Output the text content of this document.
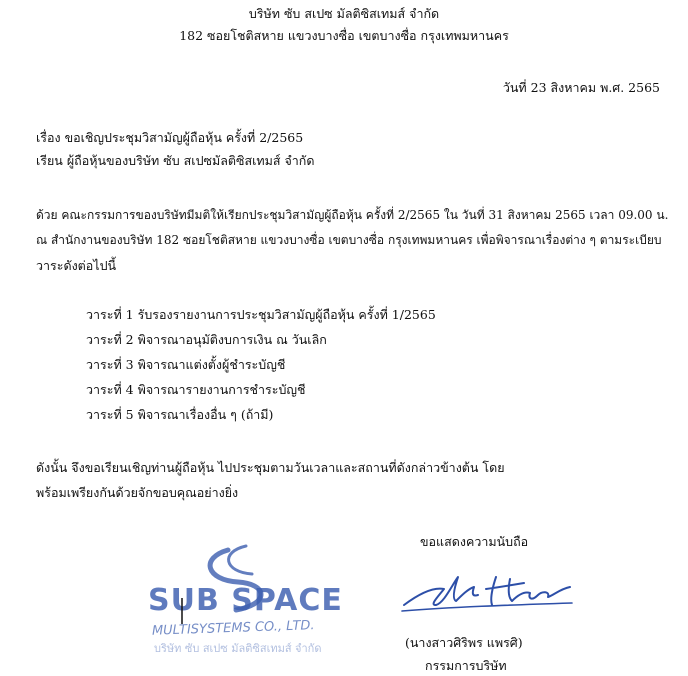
บริษัท ซับ สเปซ มัลติซิสเทมส์ จำกัด
182 ซอยโชติสหาย แขวงบางซื่อ เขตบางซื่อ กรุงเทพมหานคร
วันที่ 23 สิงหาคม พ.ศ. 2565
เรื่อง ขอเชิญประชุมวิสามัญผู้ถือหุ้น ครั้งที่ 2/2565
เรียน ผู้ถือหุ้นของบริษัท ซับ สเปซมัลติซิสเทมส์ จำกัด
ด้วย คณะกรรมการของบริษัทมีมติให้เรียกประชุมวิสามัญผู้ถือหุ้น ครั้งที่ 2/2565 ใน วันที่ 31 สิงหาคม 2565 เวลา 09.00 น.
ณ สำนักงานของบริษัท 182 ซอยโชติสหาย แขวงบางซื่อ เขตบางซื่อ กรุงเทพมหานคร เพื่อพิจารณาเรื่องต่าง ๆ ตามระเบียบ
วาระดังต่อไปนี้
วาระที่ 1 รับรองรายงานการประชุมวิสามัญผู้ถือหุ้น ครั้งที่ 1/2565
วาระที่ 2 พิจารณาอนุมัติงบการเงิน ณ วันเลิก
วาระที่ 3 พิจารณาแต่งตั้งผู้ชำระบัญชี
วาระที่ 4 พิจารณารายงานการชำระบัญชี
วาระที่ 5 พิจารณาเรื่องอื่น ๆ (ถ้ามี)
ดังนั้น จึงขอเรียนเชิญท่านผู้ถือหุ้น ไปประชุมตามวันเวลาและสถานที่ดังกล่าวข้างต้น โดย
พร้อมเพรียงกันด้วยจักขอบคุณอย่างยิ่ง
ขอแสดงความนับถือ
SUB SPACE
MULTISYSTEMS CO., LTD.
บริษัท ซับ สเปซ มัลติซิสเทมส์ จำกัด	(นางสาวศิริพร แพรศิ)
กรรมการบริษัท
